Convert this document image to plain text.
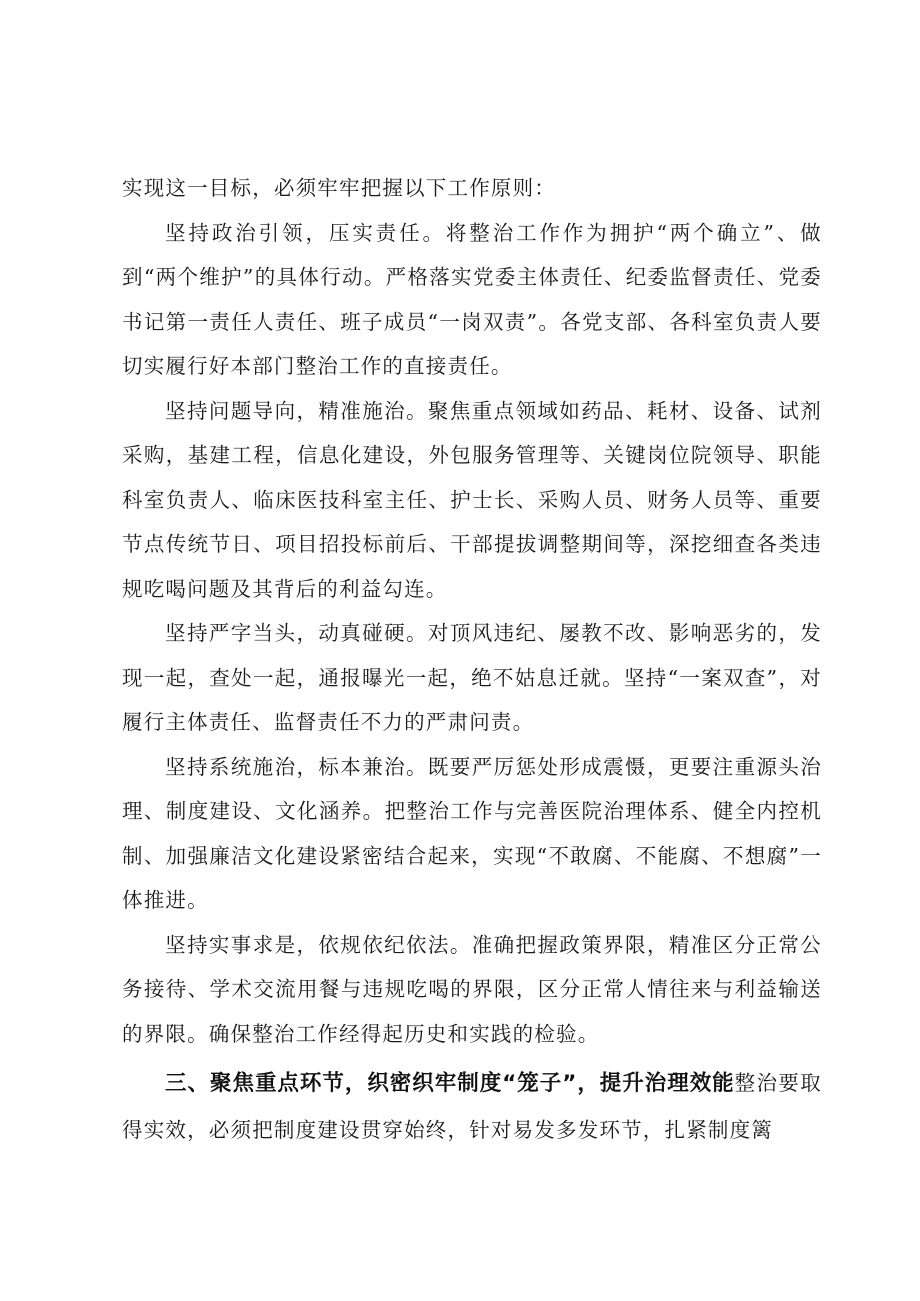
实现这一目标，必须牢牢把握以下工作原则：

坚持政治引领，压实责任。将整治工作作为拥护“两个确立”、做到“两个维护”的具体行动。严格落实党委主体责任、纪委监督责任、党委书记第一责任人责任、班子成员“一岗双责”。各党支部、各科室负责人要切实履行好本部门整治工作的直接责任。

坚持问题导向，精准施治。聚焦重点领域如药品、耗材、设备、试剂采购，基建工程，信息化建设，外包服务管理等、关键岗位院领导、职能科室负责人、临床医技科室主任、护士长、采购人员、财务人员等、重要节点传统节日、项目招投标前后、干部提拔调整期间等，深挖细查各类违规吃喝问题及其背后的利益勾连。

坚持严字当头，动真碰硬。对顶风违纪、屡教不改、影响恶劣的，发现一起，查处一起，通报曝光一起，绝不姑息迁就。坚持“一案双查”，对履行主体责任、监督责任不力的严肃问责。

坚持系统施治，标本兼治。既要严厉惩处形成震慑，更要注重源头治理、制度建设、文化涵养。把整治工作与完善医院治理体系、健全内控机制、加强廉洁文化建设紧密结合起来，实现“不敢腐、不能腐、不想腐”一体推进。

坚持实事求是，依规依纪依法。准确把握政策界限，精准区分正常公务接待、学术交流用餐与违规吃喝的界限，区分正常人情往来与利益输送的界限。确保整治工作经得起历史和实践的检验。

三、聚焦重点环节，织密织牢制度“笼子”，提升治理效能整治要取得实效，必须把制度建设贯穿始终，针对易发多发环节，扎紧制度篱
